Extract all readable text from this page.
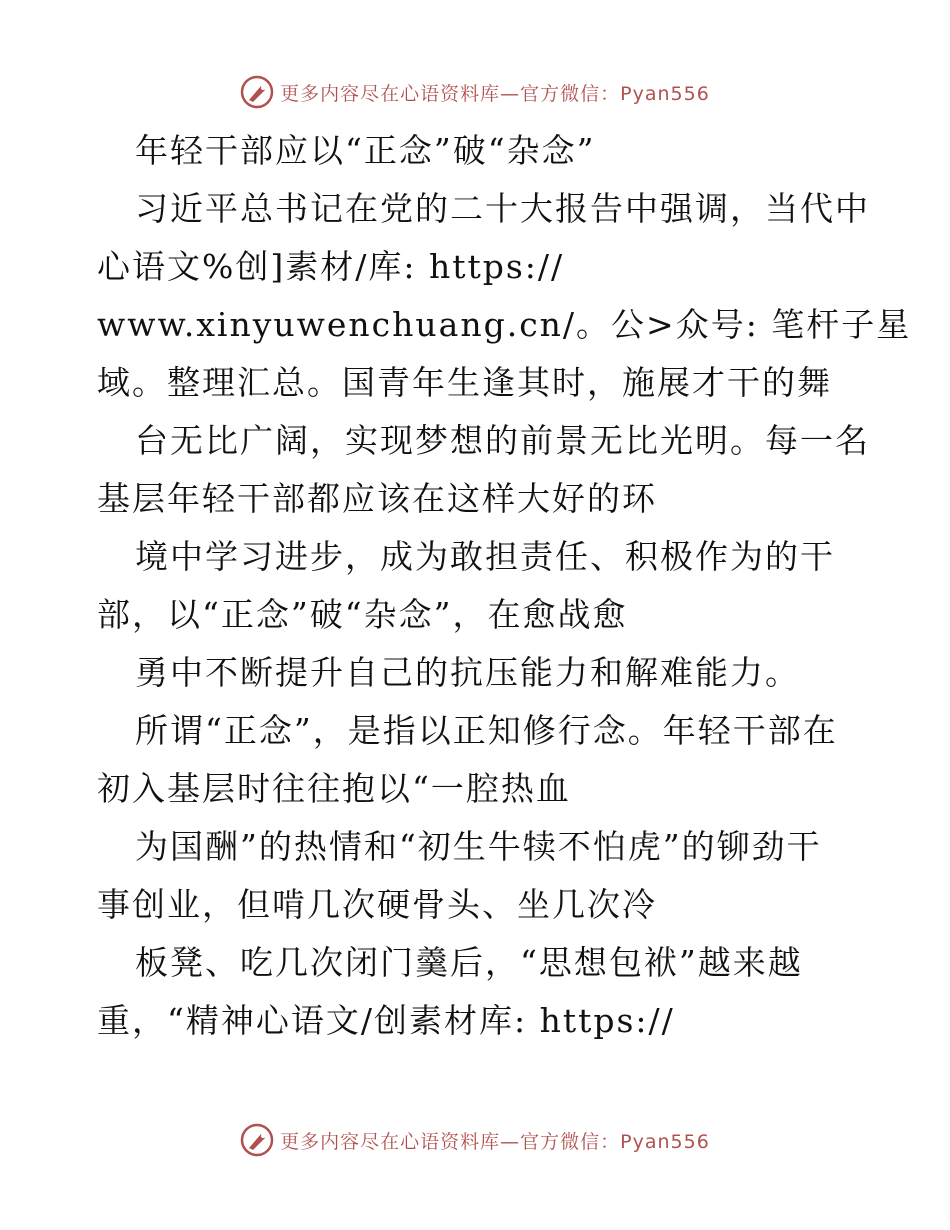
更多内容尽在心语资料库—官方微信：Pyan556
年轻干部应以“正念”破“杂念”
习近平总书记在党的二十大报告中强调，当代中
心语文%创]素材/库: https://
www.xinyuwenchuang.cn/。公>众号: 笔杆子星
域。整理汇总。国青年生逢其时，施展才干的舞
台无比广阔，实现梦想的前景无比光明。每一名
基层年轻干部都应该在这样大好的环
境中学习进步，成为敢担责任、积极作为的干
部，以“正念”破“杂念”，在愈战愈
勇中不断提升自己的抗压能力和解难能力。
所谓“正念”，是指以正知修行念。年轻干部在
初入基层时往往抱以“一腔热血
为国酬”的热情和“初生牛犊不怕虎”的铆劲干
事创业，但啃几次硬骨头、坐几次冷
板凳、吃几次闭门羹后，“思想包袱”越来越
重，“精神心语文/创素材库: https://
更多内容尽在心语资料库—官方微信：Pyan556
